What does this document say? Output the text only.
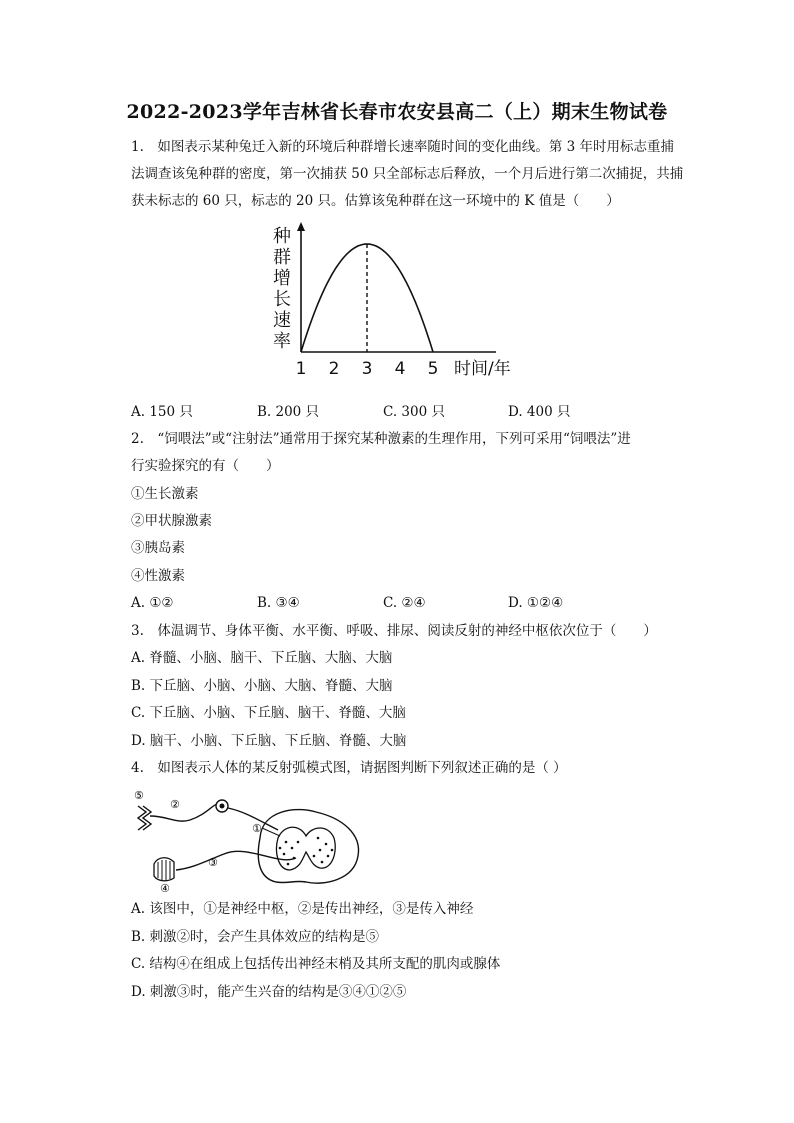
2022-2023学年吉林省长春市农安县高二（上）期末生物试卷
1.　如图表示某种兔迁入新的环境后种群增长速率随时间的变化曲线。第 3 年时用标志重捕
法调查该兔种群的密度，第一次捕获 50 只全部标志后释放，一个月后进行第二次捕捉，共捕
获未标志的 60 只，标志的 20 只。估算该兔种群在这一环境中的 K 值是（　　）
种
群
增
长
速
率
1 2 3 4 5 时间/年
A. 150 只	B. 200 只	C. 300 只	D. 400 只
2.　“饲喂法”或“注射法”通常用于探究某种激素的生理作用，下列可采用“饲喂法”进
行实验探究的有（　　）
①生长激素
②甲状腺激素
③胰岛素
④性激素
A. ①②	B. ③④	C. ②④	D. ①②④
3.　体温调节、身体平衡、水平衡、呼吸、排尿、阅读反射的神经中枢依次位于（　　）
A. 脊髓、小脑、脑干、下丘脑、大脑、大脑
B. 下丘脑、小脑、小脑、大脑、脊髓、大脑
C. 下丘脑、小脑、下丘脑、脑干、脊髓、大脑
D. 脑干、小脑、下丘脑、下丘脑、脊髓、大脑
4.　如图表示人体的某反射弧模式图，请据图判断下列叙述正确的是（ ）
⑤
②
①
③
④
A. 该图中，①是神经中枢，②是传出神经，③是传入神经
B. 刺激②时，会产生具体效应的结构是⑤
C. 结构④在组成上包括传出神经末梢及其所支配的肌肉或腺体
D. 刺激③时，能产生兴奋的结构是③④①②⑤
